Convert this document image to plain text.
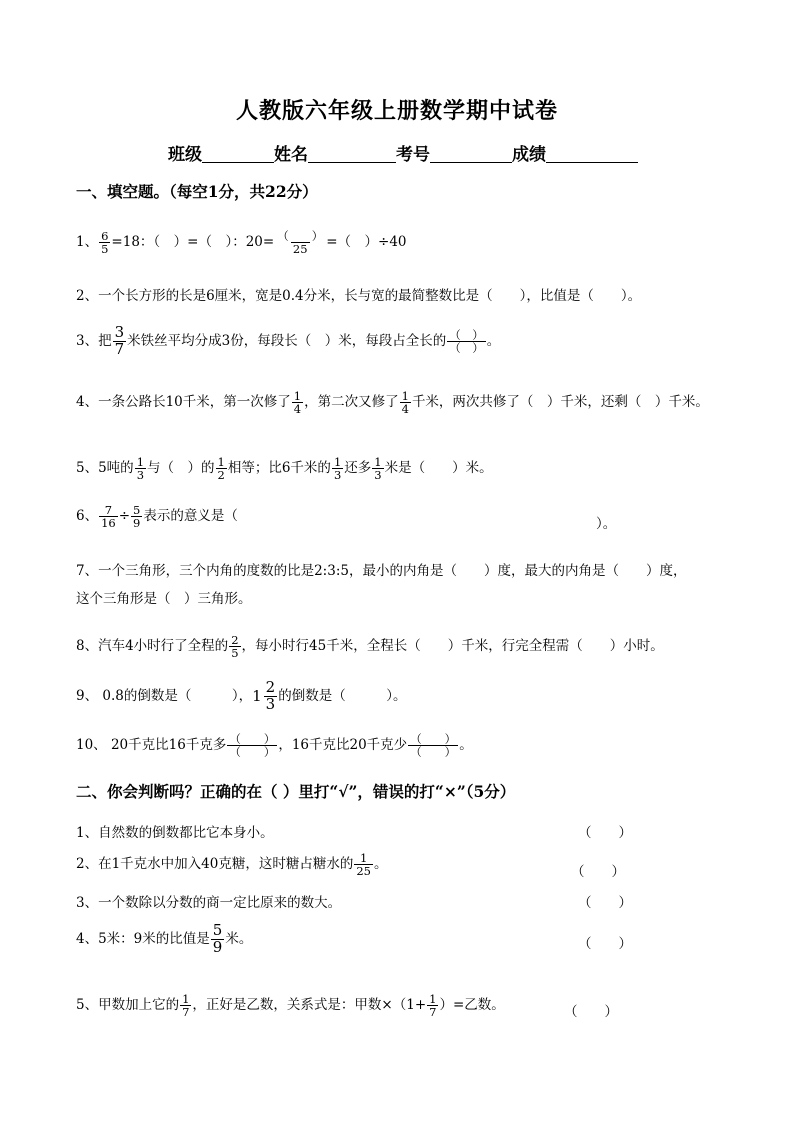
人教版六年级上册数学期中试卷
班级	姓名	考号	成绩
一、填空题。（每空1分，共22分）
1、 $\frac{6}{5} =18$：（　）=（　）：$20= \frac{( )}{25}$ =（　）÷40
2、一个长方形的长是6厘米，宽是0.4分米，长与宽的最简整数比是（　　），比值是（　　）。
3、把 $\frac{3}{7}$ 米铁丝平均分成3份，每段长（　）米，每段占全长的 $\frac{( )}{( )}$ 。
4、一条公路长10千米，第一次修了 $\frac{1}{4}$ ，第二次又修了 $\frac{1}{4}$ 千米，两次共修了（　）千米，还剩（　）千米。
5、5吨的 $\frac{1}{3}$ 与（　）的 $\frac{1}{2}$ 相等；比6千米的 $\frac{1}{3}$ 还多 $\frac{1}{3}$ 米是（　　）米。
6、 $\frac{7}{16} \div \frac{5}{9}$ 表示的意义是（	）。
7、一个三角形，三个内角的度数的比是2:3:5，最小的内角是（　　）度，最大的内角是（　　）度，
这个三角形是（　）三角形。
8、汽车4小时行了全程的 $\frac{2}{5}$ ，每小时行45千米，全程长（　　）千米，行完全程需（　　）小时。
9、 0.8的倒数是（　　　）， $1 \frac{2}{3}$ 的倒数是（　　　）。
10、 20千克比16千克多 $\frac{( )}{( )}$ ，16千克比20千克少 $\frac{( )}{( )}$ 。
二、你会判断吗？正确的在（ ）里打“√”，错误的打“×”（5分）
1、自然数的倒数都比它本身小。	（　　）
2、在1千克水中加入40克糖，这时糖占糖水的 $\frac{1}{25}$ 。	（　　）
3、一个数除以分数的商一定比原来的数大。	（　　）
4、5米：9米的比值是 $\frac{5}{9}$ 米。	（　　）
5、甲数加上它的 $\frac{1}{7}$ ，正好是乙数，关系式是：甲数$\times(1+ \frac{1}{7}$ ）=乙数。	（　　）
